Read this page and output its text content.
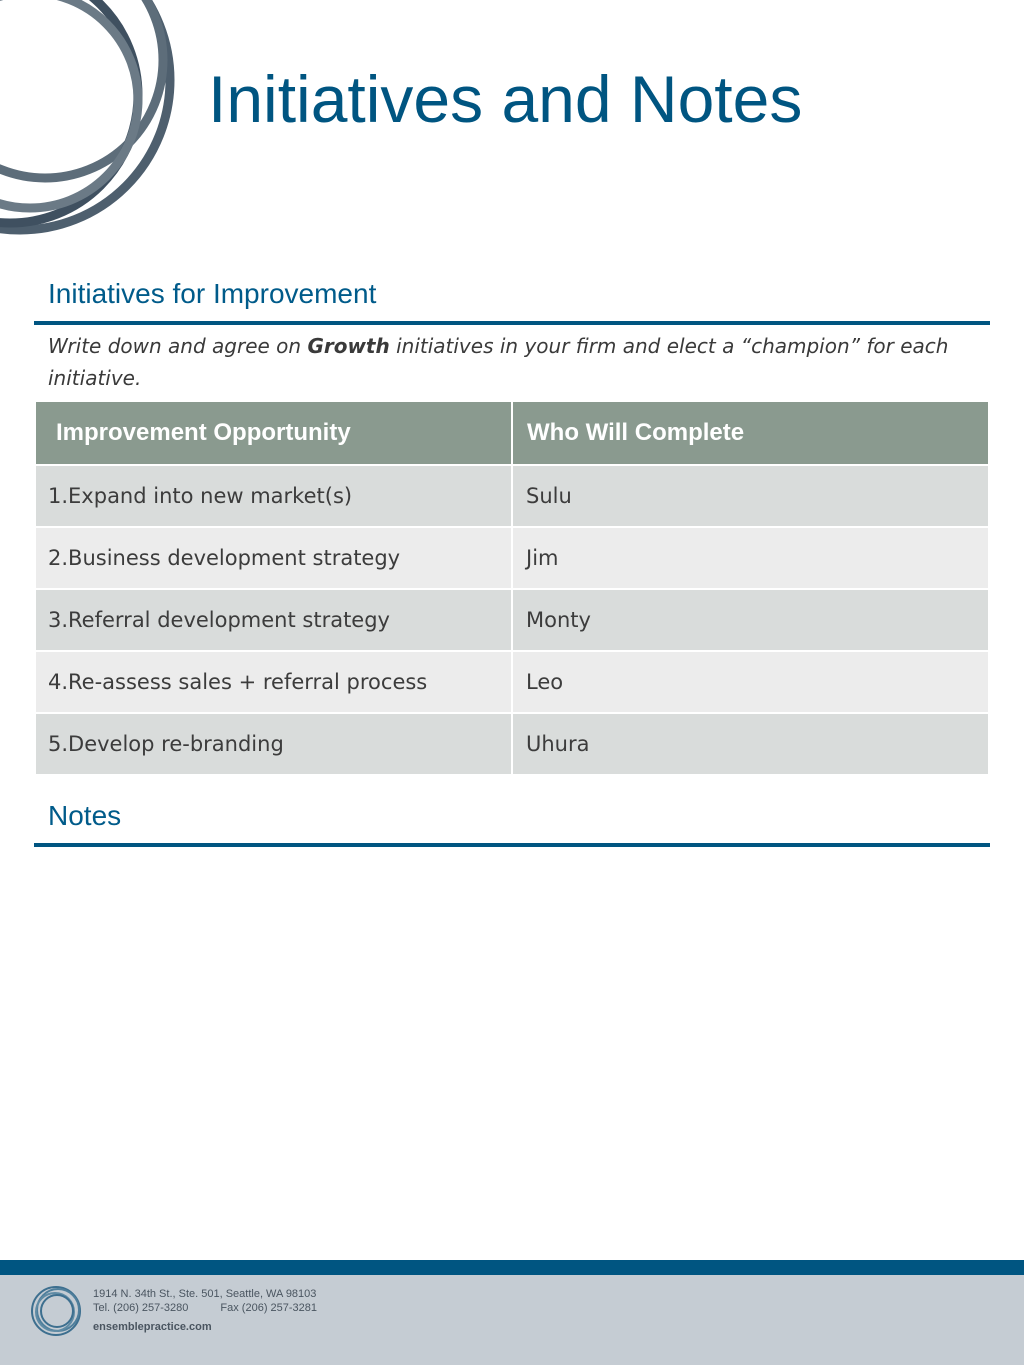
Initiatives and Notes
Initiatives for Improvement
Write down and agree on Growth initiatives in your firm and elect a “champion” for each initiative.
Improvement Opportunity	Who Will Complete
1.Expand into new market(s)	Sulu
2.Business development strategy	Jim
3.Referral development strategy	Monty
4.Re-assess sales + referral process	Leo
5.Develop re-branding	Uhura
Notes
1914 N. 34th St., Ste. 501, Seattle, WA 98103
Tel. (206) 257-3280	Fax (206) 257-3281
ensemblepractice.com
